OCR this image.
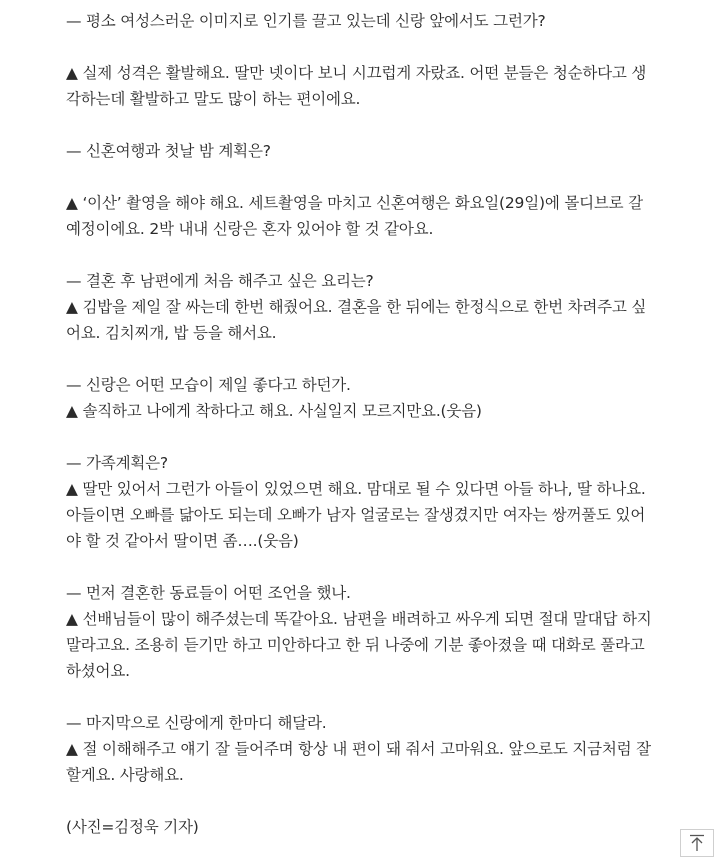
— 평소 여성스러운 이미지로 인기를 끌고 있는데 신랑 앞에서도 그런가?
▲ 실제 성격은 활발해요. 딸만 넷이다 보니 시끄럽게 자랐죠. 어떤 분들은 청순하다고 생
각하는데 활발하고 말도 많이 하는 편이에요.
— 신혼여행과 첫날 밤 계획은?
▲ ‘이산’ 촬영을 해야 해요. 세트촬영을 마치고 신혼여행은 화요일(29일)에 몰디브로 갈
예정이에요. 2박 내내 신랑은 혼자 있어야 할 것 같아요.
— 결혼 후 남편에게 처음 해주고 싶은 요리는?
▲ 김밥을 제일 잘 싸는데 한번 해줬어요. 결혼을 한 뒤에는 한정식으로 한번 차려주고 싶
어요. 김치찌개, 밥 등을 해서요.
— 신랑은 어떤 모습이 제일 좋다고 하던가.
▲ 솔직하고 나에게 착하다고 해요. 사실일지 모르지만요.(웃음)
— 가족계획은?
▲ 딸만 있어서 그런가 아들이 있었으면 해요. 맘대로 될 수 있다면 아들 하나, 딸 하나요.
아들이면 오빠를 닮아도 되는데 오빠가 남자 얼굴로는 잘생겼지만 여자는 쌍꺼풀도 있어
야 할 것 같아서 딸이면 좀….(웃음)
— 먼저 결혼한 동료들이 어떤 조언을 했나.
▲ 선배님들이 많이 해주셨는데 똑같아요. 남편을 배려하고 싸우게 되면 절대 말대답 하지
말라고요. 조용히 듣기만 하고 미안하다고 한 뒤 나중에 기분 좋아졌을 때 대화로 풀라고
하셨어요.
— 마지막으로 신랑에게 한마디 해달라.
▲ 절 이해해주고 얘기 잘 들어주며 항상 내 편이 돼 줘서 고마워요. 앞으로도 지금처럼 잘
할게요. 사랑해요.
(사진=김정욱 기자)
